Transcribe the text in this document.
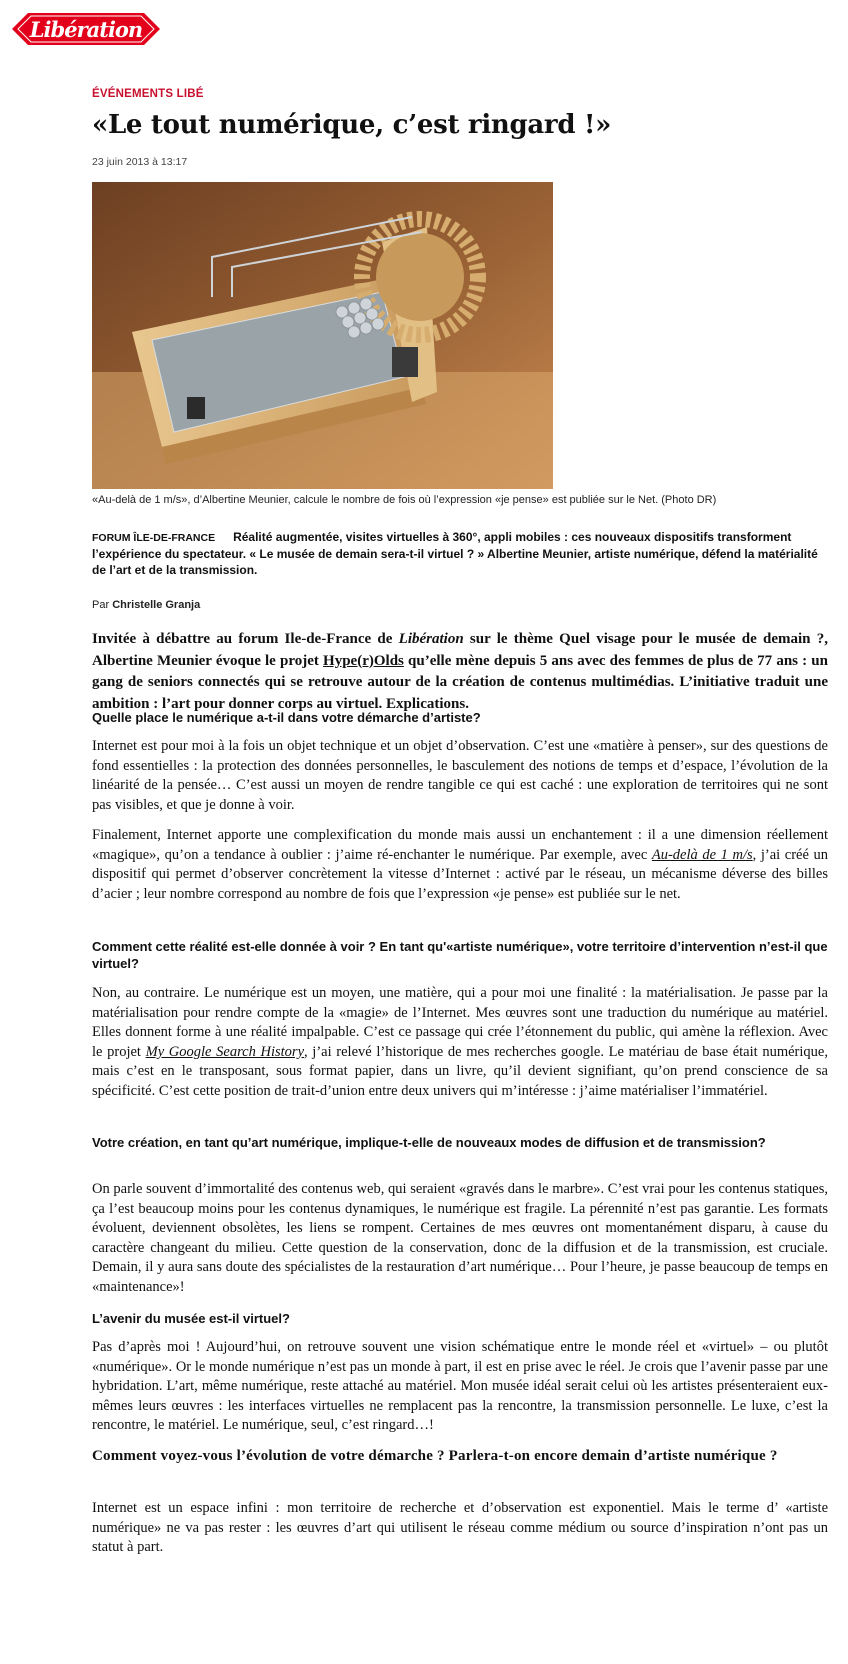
Libération
ÉVÉNEMENTS LIBÉ
«Le tout numérique, c’est ringard !»
23 juin 2013 à 13:17
«Au-delà de 1 m/s», d’Albertine Meunier, calcule le nombre de fois où l’expression «je pense» est publiée sur le Net. (Photo DR)
FORUM ÎLE-DE-FRANCE Réalité augmentée, visites virtuelles à 360°, appli mobiles : ces nouveaux dispositifs transforment l’expérience du spectateur. « Le musée de demain sera-t-il virtuel ? » Albertine Meunier, artiste numérique, défend la matérialité de l’art et de la transmission.
Par Christelle Granja
Invitée à débattre au forum Ile-de-France de Libération sur le thème Quel visage pour le musée de demain ?, Albertine Meunier évoque le projet Hype(r)Olds qu’elle mène depuis 5 ans avec des femmes de plus de 77 ans : un gang de seniors connectés qui se retrouve autour de la création de contenus multimédias. L’initiative traduit une ambition : l’art pour donner corps au virtuel. Explications.
Quelle place le numérique a-t-il dans votre démarche d’artiste?

Internet est pour moi à la fois un objet technique et un objet d’observation. C’est une «matière à penser», sur des questions de fond essentielles : la protection des données personnelles, le basculement des notions de temps et d’espace, l’évolution de la linéarité de la pensée… C’est aussi un moyen de rendre tangible ce qui est caché : une exploration de territoires qui ne sont pas visibles, et que je donne à voir.

Finalement, Internet apporte une complexification du monde mais aussi un enchantement : il a une dimension réellement «magique», qu’on a tendance à oublier : j’aime ré-enchanter le numérique. Par exemple, avec Au-delà de 1 m/s, j’ai créé un dispositif qui permet d’observer concrètement la vitesse d’Internet : activé par le réseau, un mécanisme déverse des billes d’acier ; leur nombre correspond au nombre de fois que l’expression «je pense» est publiée sur le net.

Comment cette réalité est-elle donnée à voir ? En tant qu'«artiste numérique», votre territoire d’intervention n’est-il que virtuel?

Non, au contraire. Le numérique est un moyen, une matière, qui a pour moi une finalité : la matérialisation. Je passe par la matérialisation pour rendre compte de la «magie» de l’Internet. Mes œuvres sont une traduction du numérique au matériel. Elles donnent forme à une réalité impalpable. C’est ce passage qui crée l’étonnement du public, qui amène la réflexion. Avec le projet My Google Search History, j’ai relevé l’historique de mes recherches google. Le matériau de base était numérique, mais c’est en le transposant, sous format papier, dans un livre, qu’il devient signifiant, qu’on prend conscience de sa spécificité. C’est cette position de trait-d’union entre deux univers qui m’intéresse : j’aime matérialiser l’immatériel.

Votre création, en tant qu’art numérique, implique-t-elle de nouveaux modes de diffusion et de transmission?

On parle souvent d’immortalité des contenus web, qui seraient «gravés dans le marbre». C’est vrai pour les contenus statiques, ça l’est beaucoup moins pour les contenus dynamiques, le numérique est fragile. La pérennité n’est pas garantie. Les formats évoluent, deviennent obsolètes, les liens se rompent. Certaines de mes œuvres ont momentanément disparu, à cause du caractère changeant du milieu. Cette question de la conservation, donc de la diffusion et de la transmission, est cruciale. Demain, il y aura sans doute des spécialistes de la restauration d’art numérique… Pour l’heure, je passe beaucoup de temps en «maintenance»!

L’avenir du musée est-il virtuel?

Pas d’après moi ! Aujourd’hui, on retrouve souvent une vision schématique entre le monde réel et «virtuel» – ou plutôt «numérique». Or le monde numérique n’est pas un monde à part, il est en prise avec le réel. Je crois que l’avenir passe par une hybridation. L’art, même numérique, reste attaché au matériel. Mon musée idéal serait celui où les artistes présenteraient eux-mêmes leurs œuvres : les interfaces virtuelles ne remplacent pas la rencontre, la transmission personnelle. Le luxe, c’est la rencontre, le matériel. Le numérique, seul, c’est ringard…!

Comment voyez-vous l’évolution de votre démarche ? Parlera-t-on encore demain d’artiste numérique ?

Internet est un espace infini : mon territoire de recherche et d’observation est exponentiel. Mais le terme d’ «artiste numérique» ne va pas rester : les œuvres d’art qui utilisent le réseau comme médium ou source d’inspiration n’ont pas un statut à part.
